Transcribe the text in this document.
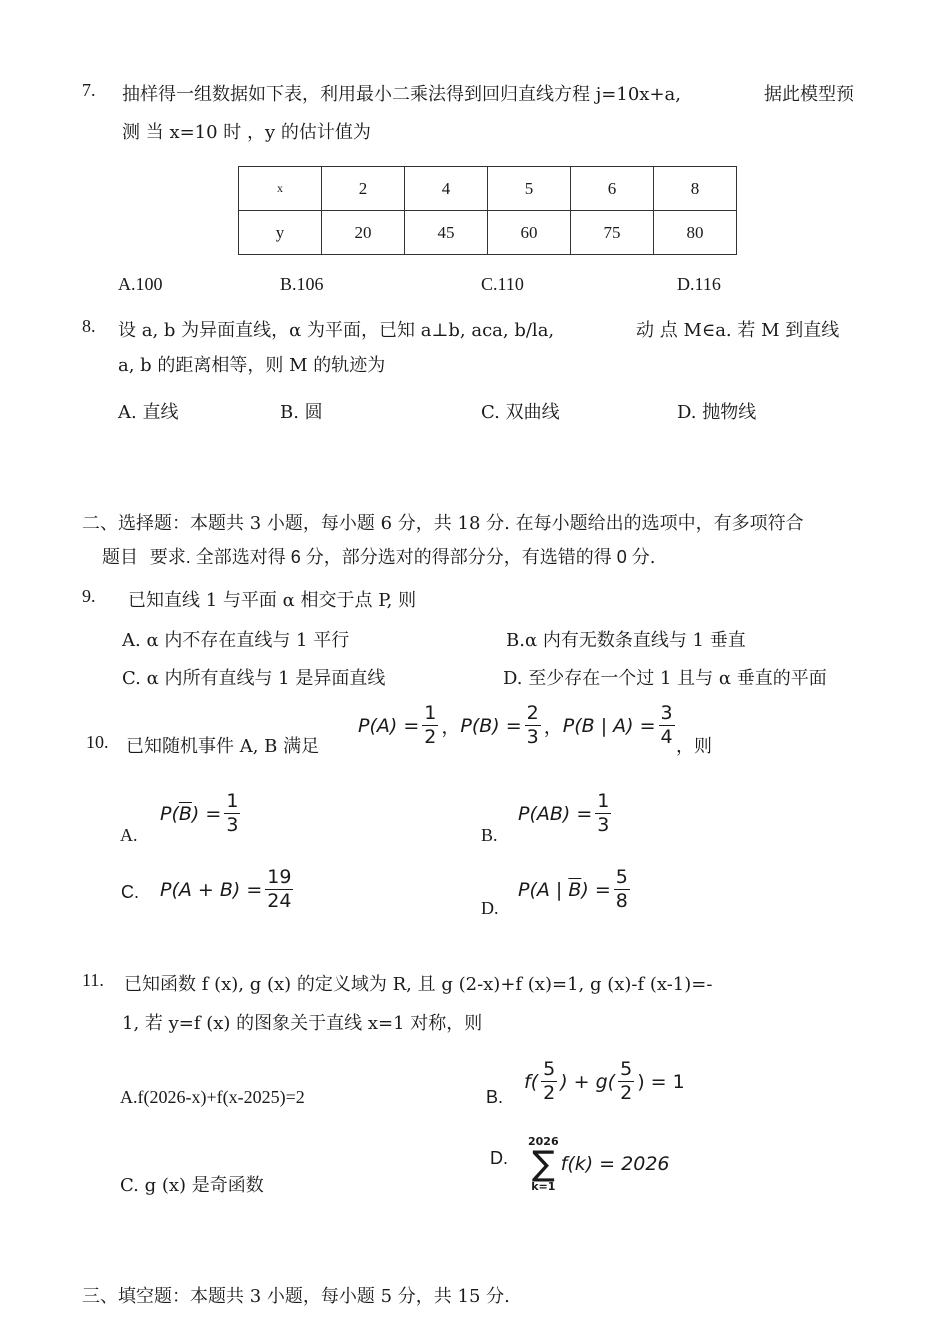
7. 抽样得一组数据如下表，利用最小二乘法得到回归直线方程 j=10x+a,	据此模型预
测 当 x=10 时 ，y 的估计值为
x	2	4	5	6	8
y	20	45	60	75	80
A.100	B.106	C.110	D.116
8. 设 a, b 为异面直线，α 为平面，已知 a⊥b, aca, b/la,	动 点 M∈a. 若 M 到直线
a, b 的距离相等，则 M 的轨迹为
A. 直线	B. 圆	C. 双曲线	D. 抛物线
二、选择题：本题共 3 小题，每小题 6 分，共 18 分. 在每小题给出的选项中，有多项符合
题目 要求. 全部选对得 6 分，部分选对的得部分分，有选错的得 0 分.
9. 已知直线 1 与平面 α 相交于点 P, 则
A. α 内不存在直线与 1 平行	B.α 内有无数条直线与 1 垂直
C. α 内所有直线与 1 是异面直线	D. 至少存在一个过 1 且与 α 垂直的平面
10. 已知随机事件 A, B 满足
$P(A) = \frac{1}{2}$ ， $P(B) = \frac{2}{3}$ ， P(B | $A) = \frac{3}{4}$ ，则
A.
$P(\overline{B}) = \frac{1}{3}$	B.
$P(AB) = \frac{1}{3}$
C. $P(A + B) = \frac{19}{24}$	D.
P(A | $\overline{B}) = \frac{5}{8}$
11. 已知函数 f (x), g (x) 的定义域为 R, 且 g (2-x)+f (x)=1, g (x)-f (x-1)=-
1, 若 y=f (x) 的图象关于直线 x=1 对称，则
A.f(2026-x)+f(x-2025)=2	B.
$f( \frac{5}{2}$ ) + $g( \frac{5}{2}$ ) = 1
D.
2026
∑
k=1
f(k) = 2026
C. g (x) 是奇函数
三、填空题：本题共 3 小题，每小题 5 分，共 15 分.
